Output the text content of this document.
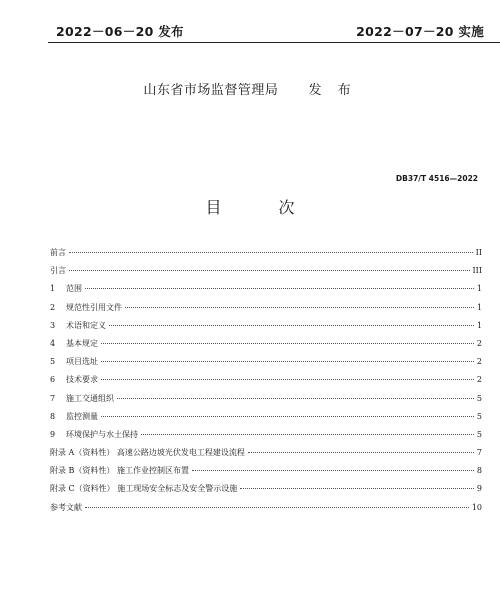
2022－06－20 发布	2022－07－20 实施
山东省市场监督管理局 发 布
DB37/T 4516—2022
目 次
前言	II
引言	III
1	范围	1
2	规范性引用文件	1
3	术语和定义	1
4	基本规定	2
5	项目选址	2
6	技术要求	2
7	施工交通组织	5
8	监控测量	5
9	环境保护与水土保持	5
附录 A（资料性） 高速公路边坡光伏发电工程建设流程	7
附录 B（资料性） 施工作业控制区布置	8
附录 C（资料性） 施工现场安全标志及安全警示设施	9
参考文献	10
